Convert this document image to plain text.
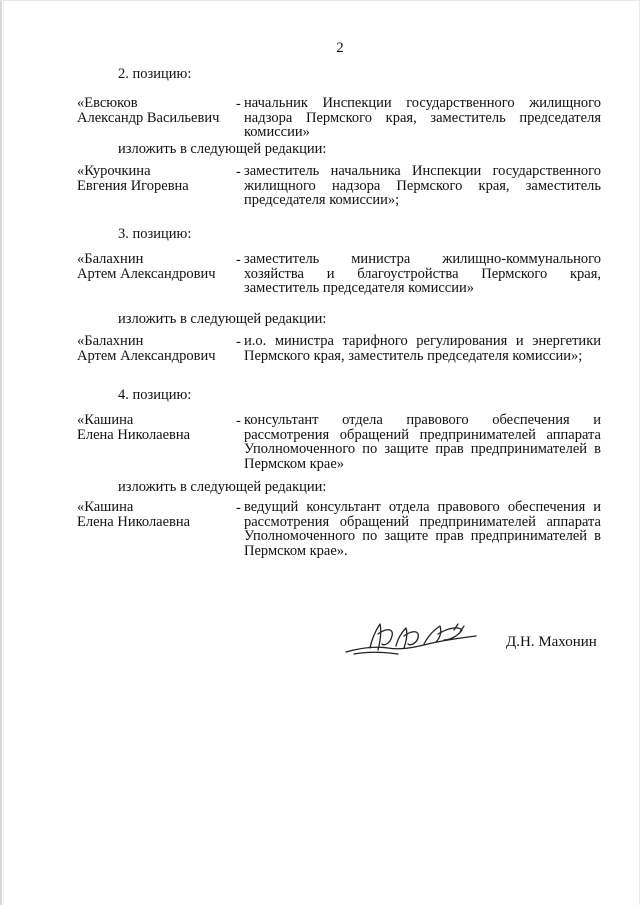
2
2. позицию:
«Евсюков
Александр Васильевич
- начальник Инспекции государственного жилищного надзора Пермского края, заместитель председателя комиссии»
изложить в следующей редакции:
«Курочкина
Евгения Игоревна
- заместитель начальника Инспекции государственного жилищного надзора Пермского края, заместитель председателя комиссии»;
3. позицию:
«Балахнин
Артем Александрович
- заместитель министра жилищно-коммунального хозяйства и благоустройства Пермского края, заместитель председателя комиссии»
изложить в следующей редакции:
«Балахнин
Артем Александрович
- и.о. министра тарифного регулирования и энергетики Пермского края, заместитель председателя комиссии»;
4. позицию:
«Кашина
Елена Николаевна
- консультант отдела правового обеспечения и рассмотрения обращений предпринимателей аппарата Уполномоченного по защите прав предпринимателей в Пермском крае»
изложить в следующей редакции:
«Кашина
Елена Николаевна
- ведущий консультант отдела правового обеспечения и рассмотрения обращений предпринимателей аппарата Уполномоченного по защите прав предпринимателей в Пермском крае».
Д.Н. Махонин
